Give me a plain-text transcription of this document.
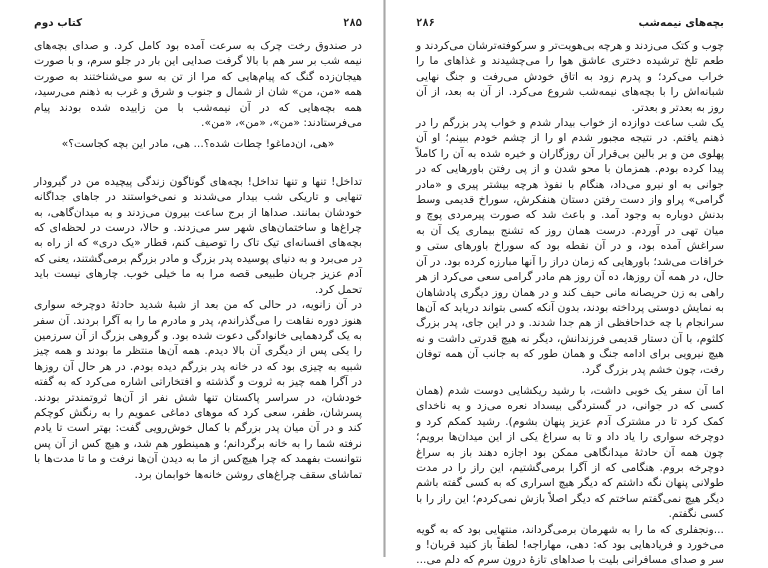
۲۸۵
کتاب دوم

در صندوق رخت چرک به سرعت آمده بود کامل کرد. و صدای بچه‌های نیمه شب بر سر هم با بالا گرفت صدایی این بار در جلو سرم، و با صورت هیجان‌زده گنگ که پیام‌هایی که مرا از تن به سو می‌شناختند به صورت همه «من، من» شان از شمال و جنوب و شرق و غرب به ذهنم می‌رسید، همه بچه‌هایی که در آن نیمه‌شب با من زاییده شده بودند پیام می‌فرستادند: «من»، «من»، «من».

«هی، ان‌دماغو! چطات شده؟... هی، مادر این بچه کجاست؟»

تداخل! تنها و تنها تداخل! بچه‌های گوناگون زندگی پیچیده من در گیرودار تنهایی و تاریکی شب بیدار می‌شدند و نمی‌خواستند در جاهای جداگانه خودشان بمانند. صداها از برج ساعت بیرون می‌زدند و به میدان‌گاهی، به چراغ‌ها و ساختمان‌های شهر سر می‌زدند. و حالا، درست در لحظه‌ای که بچه‌های افسانه‌ای تیک تاک را توصیف کنم، قطار «یک دری» که از راه به در می‌برد و به دنیای پوسیده پدر بزرگ و مادر بزرگم برمی‌گشتند، یعنی که آدم عزیز جریان طبیعی قصه مرا به ما خیلی خوب. چارهای نیست باید تحمل کرد.

در آن زانویه، در حالی که من بعد از شبهٔ شدید حادثهٔ دوچرخه سواری هنوز دوره نقاهت را می‌گذراندم، پدر و مادرم ما را به آگرا بردند. آن سفر به یک گردهمایی خانوادگی دعوت شده بود. و گروهی بزرگ از آن سرزمین را یکی پس از دیگری آن بالا دیدم. همه آن‌ها منتظر ما بودند و همه چیز شبیه به چیزی بود که در خانه پدر بزرگم دیده بودم. در هر حال آن روزها در آگرا همه چیز به ثروت و گذشته و افتخاراتی اشاره می‌کرد که به گفته خودشان، در سراسر پاکستان تنها شش نفر از آن‌ها ثروتمندتر بودند. پسرشان، ظفر، سعی کرد که موهای دماغی عمویم را به رنگش کوچکم کند و در آن میان پدر بزرگم با کمال خوش‌رویی گفت: بهتر است تا یادم نرفته شما را به خانه برگردانم؛ و همینطور هم شد، و هیچ کس از آن پس نتوانست بفهمد که چرا هیچ‌کس از ما به دیدن آن‌ها نرفت و ما تا مدت‌ها با تماشای سقف چراغ‌های روشن خانه‌ها خوابمان برد.

بچه‌های نیمه‌شب
۲۸۶

چوب و کتک می‌زدند و هرچه بی‌هویت‌تر و سرکوفته‌ترشان می‌کردند و طعم تلخ ترشیده دختری عاشق هوا را می‌چشیدند و غذاهای ما را خراب می‌کرد؛ و پدرم زود به اتاق خودش می‌رفت و جنگ نهایی شبانه‌اش را با بچه‌های نیمه‌شب شروع می‌کرد. از آن به بعد، از آن روز به بعدتر و بعدتر.

یک شب ساعت دوازده از خواب بیدار شدم و خواب پدر بزرگم را در ذهنم یافتم. در نتیجه مجبور شدم او را از چشم خودم ببینم؛ او آن پهلوی من و بر بالین بی‌قرار آن روزگاران و خیره شده به آن را کاملاً پیدا کرده بودم. همزمان با محو شدن و از پی رفتن باورهایی که در جوانی به او نیرو می‌داد، هنگام با نفوذ هرچه بیشتر پیری و «مادر گرامی» پراو واز دست رفتن دستان هنفکرش، سوراخ قدیمی وسط بدنش دوباره به وجود آمد. و باعث شد که صورت پیرمردی پوچ و میان تهی در آوردم. درست همان روز که تشنج بیماری یک آن به سراغش آمده بود، و در آن نقطه بود که سوراخ باورهای ستی و خرافات می‌شد؛ باورهایی که زمان دراز را آنها مبارزه کرده بود. در آن حال، در همه آن روزها، ده آن روز هم مادر گرامی سعی می‌کرد از هر راهی به زن حریصانه مانی حیف کند و در همان روز دیگری پادشاهان به نمایش دوستی پرداخته بودند، بدون آنکه کسی بتواند دریابد که آن‌ها سرانجام با چه خداحافظی از هم جدا شدند. و در این جای، پدر بزرگ کلثوم، با آن دستار قدیمی فرزندانش، دیگر نه هیچ قدرتی داشت و نه هیچ نیرویی برای ادامه جنگ و همان طور که به جانب آن همه توفان رفت، چون خشم پدر بزرگ گرد.

اما آن سفر یک خوبی داشت، با رشید ریکشایی دوست شدم (همان کسی که در جوانی، در گستردگی بیسداد نعره می‌زد و یه ناخدای کمک کرد تا در مشترک آدم عزیز پنهان بشوم). رشید کمکم کرد و دوچرخه سواری را یاد داد و تا به سراغ یکی از این میدان‌ها برویم؛ چون همه آن حادثهٔ میدانگاهی ممکن بود اجازه دهند باز به سراغ دوچرخه بروم. هنگامی که از آگرا برمی‌گشتیم، این راز را در مدت طولانی پنهان نگه داشتم که دیگر هیچ اسراری که به کسی گفته باشم دیگر هیچ نمی‌گفتم ساختم که دیگر اصلاً بازش نمی‌کردم؛ این راز را با کسی نگفتم.

...ونجفلری که ما را به شهرمان برمی‌گرداند، منتهایی بود که به گویه می‌خورد و فریادهایی بود که: دهی، مهاراجه! لطفاً باز کنید قربان! و سر و صدای مسافرانی بلیت با صداهای تازهٔ درون سرم که دلم می‌...
